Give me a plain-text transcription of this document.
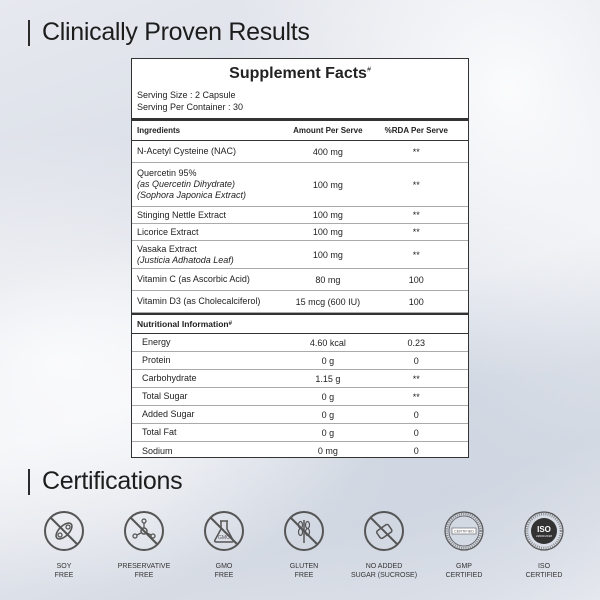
Clinically Proven Results
Supplement Facts#
Serving Size : 2 Capsule
Serving Per Container : 30
Ingredients	Amount Per Serve	%RDA Per Serve
N-Acetyl Cysteine (NAC)	400 mg	**
Quercetin 95%
(as Quercetin Dihydrate)
(Sophora Japonica Extract)
100 mg	**
Stinging Nettle Extract	100 mg	**
Licorice Extract	100 mg	**
Vasaka Extract
(Justicia Adhatoda Leaf)	100 mg	**
Vitamin C (as Ascorbic Acid)	80 mg	100
Vitamin D3 (as Cholecalciferol)	15 mcg (600 IU)	100
Nutritional Information #
Energy	4.60 kcal	0.23
Protein	0 g	0
Carbohydrate	1.15 g	**
Total Sugar	0 g	**
Added Sugar	0 g	0
Total Fat	0 g	0
Sodium	0 mg	0
Certifications
SOY
FREE
PRESERVATIVE
FREE
GMO
GMO
FREE
GLUTEN
FREE
NO ADDED
SUGAR (SUCROSE)
CERTIFIED
GMP
CERTIFIED
ISO
22000:2018
ISO
CERTIFIED
